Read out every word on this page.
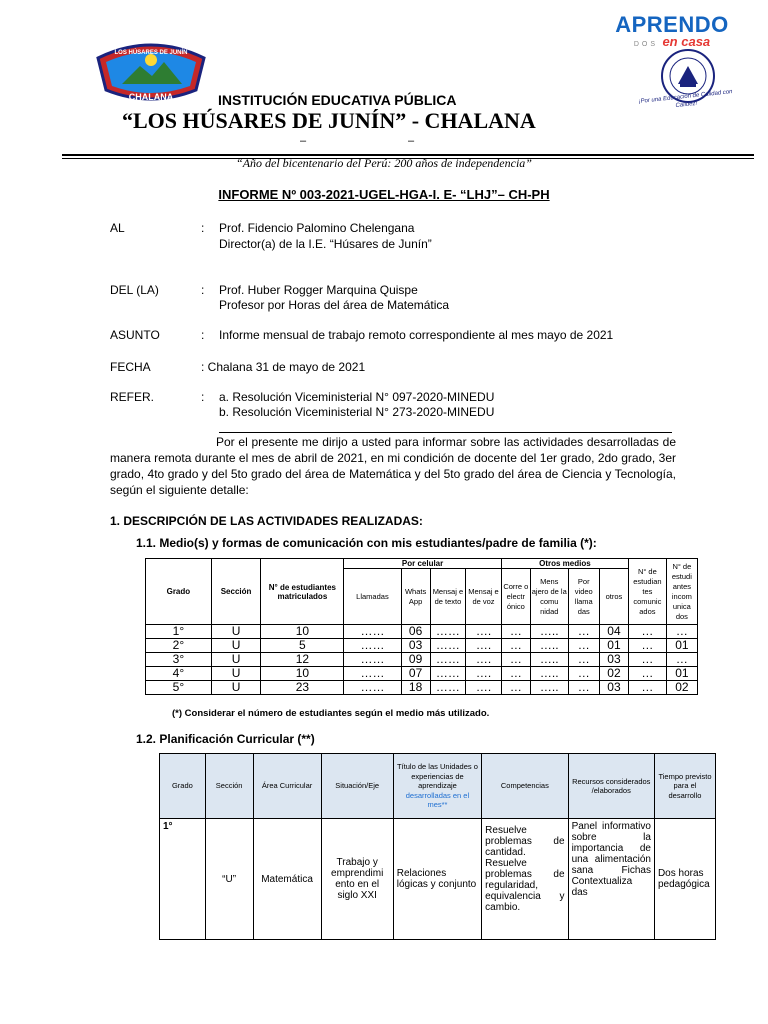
CHALANA
LOS HÚSARES DE JUNÍN
APRENDO
DOS en casa
¡Por una Educación de Calidad con Calidez!
INSTITUCIÓN EDUCATIVA PÚBLICA
“LOS HÚSARES DE JUNÍN” - CHALANA
–	–
“Año del bicentenario del Perú: 200 años de independencia”
INFORME Nº 003-2021-UGEL-HGA-I. E- “LHJ”– CH-PH
AL	: Prof. Fidencio Palomino Chelengana
Director(a) de la I.E. “Húsares de Junín”
DEL (LA)	: Prof. Huber Rogger Marquina Quispe
Profesor por Horas del área de Matemática
ASUNTO	: Informe mensual de trabajo remoto correspondiente al mes mayo de 2021
FECHA	: Chalana 31 de mayo de 2021
REFER.	: a. Resolución Viceministerial N° 097-2020-MINEDU
b. Resolución Viceministerial N° 273-2020-MINEDU
Por el presente me dirijo a usted para informar sobre las actividades desarrolladas de manera remota durante el mes de abril de 2021, en mi condición de docente del 1er grado, 2do grado, 3er grado, 4to grado y del 5to grado del área de Matemática y del 5to grado del área de Ciencia y Tecnología, según el siguiente detalle:
1. DESCRIPCIÓN DE LAS ACTIVIDADES REALIZADAS:
1.1. Medio(s) y formas de comunicación con mis estudiantes/padre de familia (*):
Grado	Sección	N° de estudiantes matriculados	Por celular				Otros medios				N° de estudian tes comunic ados	N° de estudi antes incom unica dos
			Llamadas	Whats App	Mensaj e de texto	Mensaj e de voz	Corre o electr ónico	Mens ajero de la comu nidad	Por video llama das	otros		
1°	U	10	……	06	……	….	…	…..	…	04	…	…
2°	U	5	……	03	……	….	…	…..	…	01	…	01
3°	U	12	……	09	……	….	…	…..	…	03	…	…
4°	U	10	……	07	……	….	…	…..	…	02	…	01
5°	U	23	……	18	……	….	…	…..	…	03	…	02
(*) Considerar el número de estudiantes según el medio más utilizado.
1.2. Planificación Curricular (**)
Grado	Sección	Área Curricular	Situación/Eje	Título de las Unidades o experiencias de aprendizaje
desarrolladas en el mes**	Competencias	Recursos considerados /elaborados	Tiempo previsto para el desarrollo
1°	“U”	Matemática	Trabajo y emprendimi ento en el siglo XXI	Relaciones lógicas y conjunto	Resuelve problemas de cantidad. Resuelve problemas de regularidad, equivalencia y cambio.	Panel informativo sobre la importancia de una alimentación sana Fichas Contextualiza das	Dos horas pedagógica
